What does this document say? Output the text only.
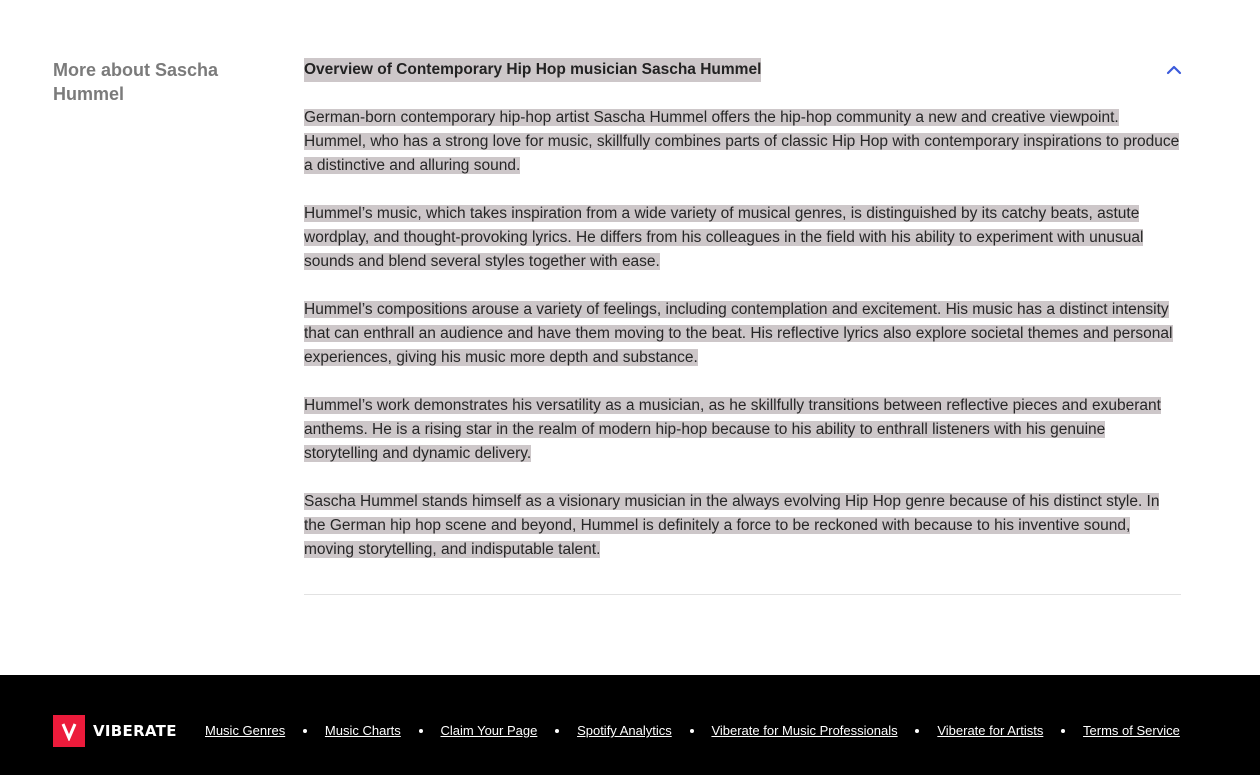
More about Sascha Hummel
Overview of Contemporary Hip Hop musician Sascha Hummel

German-born contemporary hip-hop artist Sascha Hummel offers the hip-hop community a new and creative viewpoint. Hummel, who has a strong love for music, skillfully combines parts of classic Hip Hop with contemporary inspirations to produce a distinctive and alluring sound.

Hummel’s music, which takes inspiration from a wide variety of musical genres, is distinguished by its catchy beats, astute wordplay, and thought-provoking lyrics. He differs from his colleagues in the field with his ability to experiment with unusual sounds and blend several styles together with ease.

Hummel’s compositions arouse a variety of feelings, including contemplation and excitement. His music has a distinct intensity that can enthrall an audience and have them moving to the beat. His reflective lyrics also explore societal themes and personal experiences, giving his music more depth and substance.

Hummel’s work demonstrates his versatility as a musician, as he skillfully transitions between reflective pieces and exuberant anthems. He is a rising star in the realm of modern hip-hop because to his ability to enthrall listeners with his genuine storytelling and dynamic delivery.

Sascha Hummel stands himself as a visionary musician in the always evolving Hip Hop genre because of his distinct style. In the German hip hop scene and beyond, Hummel is definitely a force to be reckoned with because to his inventive sound, moving storytelling, and indisputable talent.

VIBERATE Music Genres	Music Charts	Claim Your Page	Spotify Analytics	Viberate for Music Professionals	Viberate for Artists	Terms of Service
